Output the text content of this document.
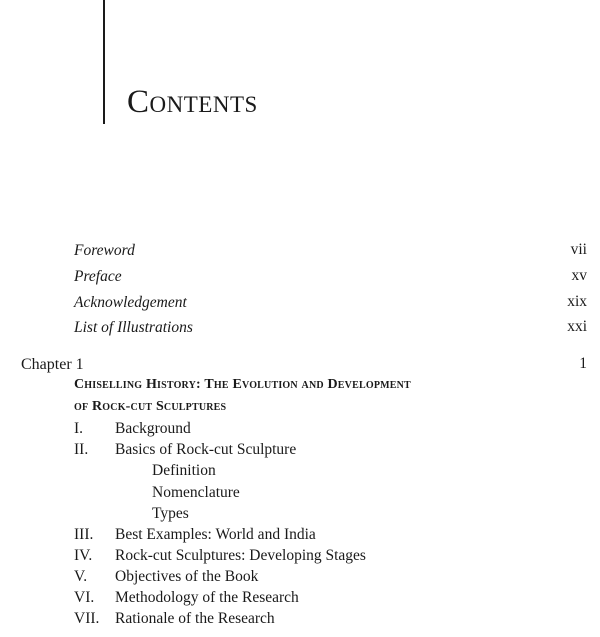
Contents
Foreword	vii
Preface	xv
Acknowledgement	xix
List of Illustrations	xxi
Chapter 1	1
Chiselling History: The Evolution and Development
of Rock-cut Sculptures
I. Background
II. Basics of Rock-cut Sculpture
Definition
Nomenclature
Types
III. Best Examples: World and India
IV. Rock-cut Sculptures: Developing Stages
V. Objectives of the Book
VI. Methodology of the Research
VII. Rationale of the Research
